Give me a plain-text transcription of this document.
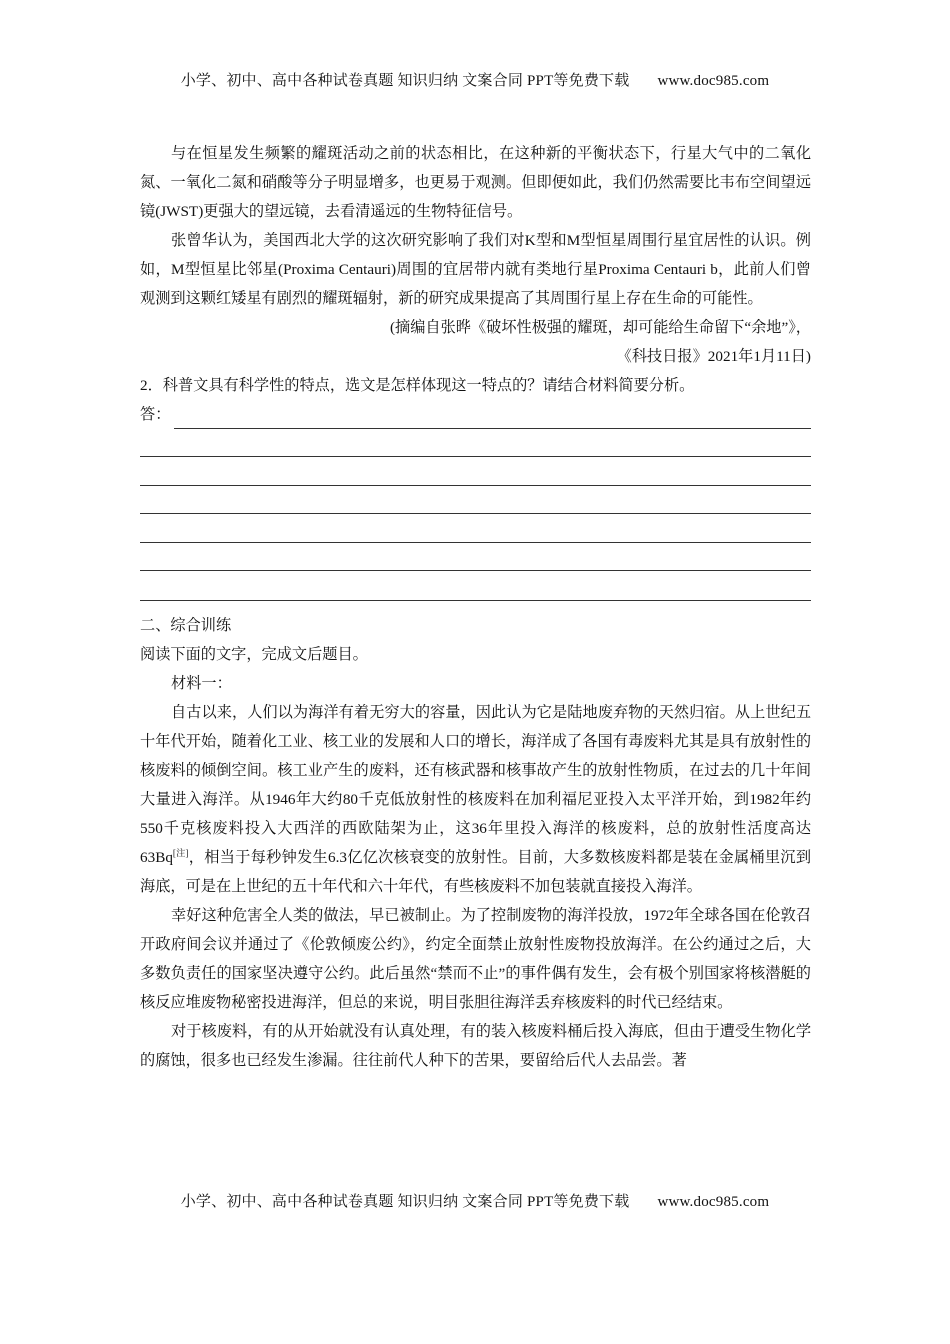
小学、初中、高中各种试卷真题 知识归纳 文案合同 PPT等免费下载 www.doc985.com

与在恒星发生频繁的耀斑活动之前的状态相比，在这种新的平衡状态下，行星大气中的二氧化氮、一氧化二氮和硝酸等分子明显增多，也更易于观测。但即便如此，我们仍然需要比韦布空间望远镜(JWST)更强大的望远镜，去看清遥远的生物特征信号。

张曾华认为，美国西北大学的这次研究影响了我们对K型和M型恒星周围行星宜居性的认识。例如，M型恒星比邻星(Proxima Centauri)周围的宜居带内就有类地行星Proxima Centauri b，此前人们曾观测到这颗红矮星有剧烈的耀斑辐射，新的研究成果提高了其周围行星上存在生命的可能性。

(摘编自张晔《破坏性极强的耀斑，却可能给生命留下“余地”》，

《科技日报》2021年1月11日)

2．科普文具有科学性的特点，选文是怎样体现这一特点的？请结合材料简要分析。

答：

二、综合训练

阅读下面的文字，完成文后题目。

材料一：

自古以来，人们以为海洋有着无穷大的容量，因此认为它是陆地废弃物的天然归宿。从上世纪五十年代开始，随着化工业、核工业的发展和人口的增长，海洋成了各国有毒废料尤其是具有放射性的核废料的倾倒空间。核工业产生的废料，还有核武器和核事故产生的放射性物质，在过去的几十年间大量进入海洋。从1946年大约80千克低放射性的核废料在加利福尼亚投入太平洋开始，到1982年约550千克核废料投入大西洋的西欧陆架为止，这36年里投入海洋的核废料，总的放射性活度高达63Bq[注]，相当于每秒钟发生6.3亿亿次核衰变的放射性。目前，大多数核废料都是装在金属桶里沉到海底，可是在上世纪的五十年代和六十年代，有些核废料不加包装就直接投入海洋。

幸好这种危害全人类的做法，早已被制止。为了控制废物的海洋投放，1972年全球各国在伦敦召开政府间会议并通过了《伦敦倾废公约》，约定全面禁止放射性废物投放海洋。在公约通过之后，大多数负责任的国家坚决遵守公约。此后虽然“禁而不止”的事件偶有发生，会有极个别国家将核潜艇的核反应堆废物秘密投进海洋，但总的来说，明目张胆往海洋丢弃核废料的时代已经结束。

对于核废料，有的从开始就没有认真处理，有的装入核废料桶后投入海底，但由于遭受生物化学的腐蚀，很多也已经发生渗漏。往往前代人种下的苦果，要留给后代人去品尝。著

小学、初中、高中各种试卷真题 知识归纳 文案合同 PPT等免费下载 www.doc985.com
